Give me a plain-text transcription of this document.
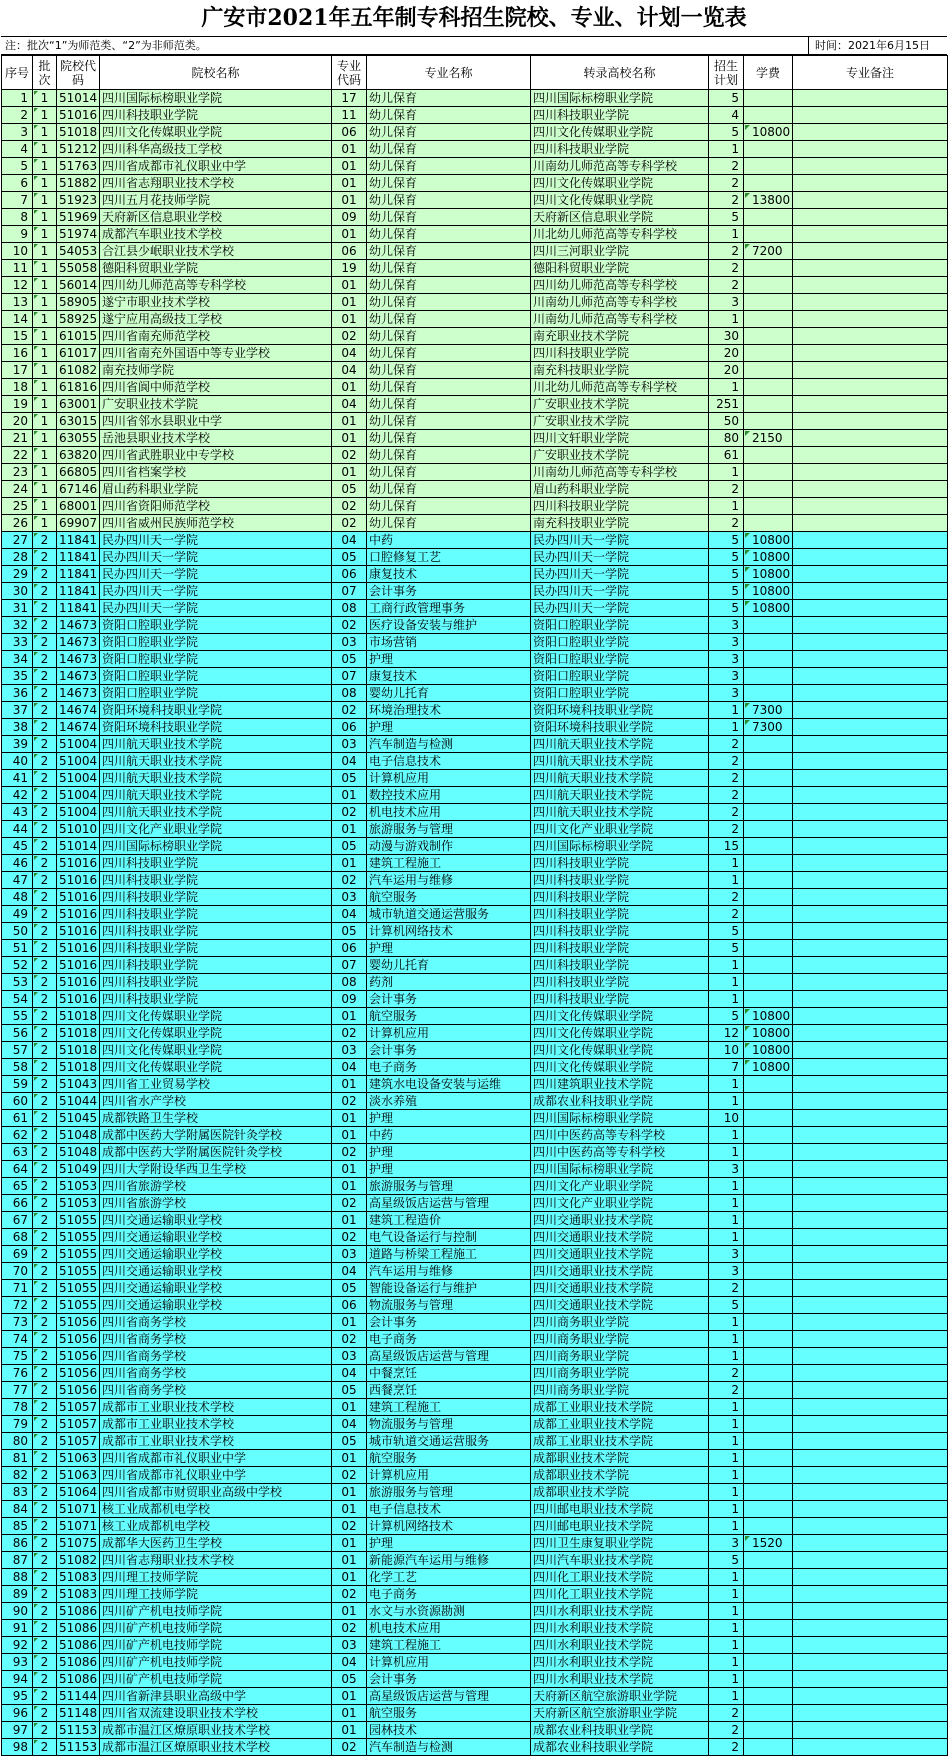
广安市2021年五年制专科招生院校、专业、计划一览表
注：批次“1”为师范类、“2”为非师范类。	时间：2021年6月15日
序号	批次	院校代码	院校名称	专业代码	专业名称	转录高校名称	招生计划	学费	专业备注
1	1	51014	四川国际标榜职业学院	17	幼儿保育	四川国际标榜职业学院	5		
2	1	51016	四川科技职业学院	11	幼儿保育	四川科技职业学院	4		
3	1	51018	四川文化传媒职业学院	06	幼儿保育	四川文化传媒职业学院	5	10800	
4	1	51212	四川科华高级技工学校	01	幼儿保育	四川科技职业学院	1		
5	1	51763	四川省成都市礼仪职业中学	01	幼儿保育	川南幼儿师范高等专科学校	2		
6	1	51882	四川省志翔职业技术学校	01	幼儿保育	四川文化传媒职业学院	2		
7	1	51923	四川五月花技师学院	01	幼儿保育	四川文化传媒职业学院	2	13800	
8	1	51969	天府新区信息职业学校	09	幼儿保育	天府新区信息职业学院	5		
9	1	51974	成都汽车职业技术学校	01	幼儿保育	川北幼儿师范高等专科学校	1		
10	1	54053	合江县少岷职业技术学校	06	幼儿保育	四川三河职业学院	2	7200	
11	1	55058	德阳科贸职业学院	19	幼儿保育	德阳科贸职业学院	2		
12	1	56014	四川幼儿师范高等专科学校	01	幼儿保育	四川幼儿师范高等专科学校	2		
13	1	58905	遂宁市职业技术学校	01	幼儿保育	川南幼儿师范高等专科学校	3		
14	1	58925	遂宁应用高级技工学校	01	幼儿保育	川南幼儿师范高等专科学校	1		
15	1	61015	四川省南充师范学校	02	幼儿保育	南充职业技术学院	30		
16	1	61017	四川省南充外国语中等专业学校	04	幼儿保育	四川科技职业学院	20		
17	1	61082	南充技师学院	04	幼儿保育	南充科技职业学院	20		
18	1	61816	四川省阆中师范学校	01	幼儿保育	川北幼儿师范高等专科学校	1		
19	1	63001	广安职业技术学院	04	幼儿保育	广安职业技术学院	251		
20	1	63015	四川省邻水县职业中学	01	幼儿保育	广安职业技术学院	50		
21	1	63055	岳池县职业技术学校	01	幼儿保育	四川文轩职业学院	80	2150	
22	1	63820	四川省武胜职业中专学校	02	幼儿保育	广安职业技术学院	61		
23	1	66805	四川省档案学校	01	幼儿保育	川南幼儿师范高等专科学校	1		
24	1	67146	眉山药科职业学院	05	幼儿保育	眉山药科职业学院	2		
25	1	68001	四川省资阳师范学校	02	幼儿保育	四川科技职业学院	1		
26	1	69907	四川省威州民族师范学校	02	幼儿保育	南充科技职业学院	2		
27	2	11841	民办四川天一学院	04	中药	民办四川天一学院	5	10800	
28	2	11841	民办四川天一学院	05	口腔修复工艺	民办四川天一学院	5	10800	
29	2	11841	民办四川天一学院	06	康复技术	民办四川天一学院	5	10800	
30	2	11841	民办四川天一学院	07	会计事务	民办四川天一学院	5	10800	
31	2	11841	民办四川天一学院	08	工商行政管理事务	民办四川天一学院	5	10800	
32	2	14673	资阳口腔职业学院	02	医疗设备安装与维护	资阳口腔职业学院	3		
33	2	14673	资阳口腔职业学院	03	市场营销	资阳口腔职业学院	3		
34	2	14673	资阳口腔职业学院	05	护理	资阳口腔职业学院	3		
35	2	14673	资阳口腔职业学院	07	康复技术	资阳口腔职业学院	3		
36	2	14673	资阳口腔职业学院	08	婴幼儿托育	资阳口腔职业学院	3		
37	2	14674	资阳环境科技职业学院	02	环境治理技术	资阳环境科技职业学院	1	7300	
38	2	14674	资阳环境科技职业学院	06	护理	资阳环境科技职业学院	1	7300	
39	2	51004	四川航天职业技术学院	03	汽车制造与检测	四川航天职业技术学院	2		
40	2	51004	四川航天职业技术学院	04	电子信息技术	四川航天职业技术学院	2		
41	2	51004	四川航天职业技术学院	05	计算机应用	四川航天职业技术学院	2		
42	2	51004	四川航天职业技术学院	01	数控技术应用	四川航天职业技术学院	2		
43	2	51004	四川航天职业技术学院	02	机电技术应用	四川航天职业技术学院	2		
44	2	51010	四川文化产业职业学院	01	旅游服务与管理	四川文化产业职业学院	2		
45	2	51014	四川国际标榜职业学院	05	动漫与游戏制作	四川国际标榜职业学院	15		
46	2	51016	四川科技职业学院	01	建筑工程施工	四川科技职业学院	1		
47	2	51016	四川科技职业学院	02	汽车运用与维修	四川科技职业学院	1		
48	2	51016	四川科技职业学院	03	航空服务	四川科技职业学院	2		
49	2	51016	四川科技职业学院	04	城市轨道交通运营服务	四川科技职业学院	2		
50	2	51016	四川科技职业学院	05	计算机网络技术	四川科技职业学院	5		
51	2	51016	四川科技职业学院	06	护理	四川科技职业学院	5		
52	2	51016	四川科技职业学院	07	婴幼儿托育	四川科技职业学院	1		
53	2	51016	四川科技职业学院	08	药剂	四川科技职业学院	1		
54	2	51016	四川科技职业学院	09	会计事务	四川科技职业学院	1		
55	2	51018	四川文化传媒职业学院	01	航空服务	四川文化传媒职业学院	5	10800	
56	2	51018	四川文化传媒职业学院	02	计算机应用	四川文化传媒职业学院	12	10800	
57	2	51018	四川文化传媒职业学院	03	会计事务	四川文化传媒职业学院	10	10800	
58	2	51018	四川文化传媒职业学院	04	电子商务	四川文化传媒职业学院	7	10800	
59	2	51043	四川省工业贸易学校	01	建筑水电设备安装与运维	四川建筑职业技术学院	1		
60	2	51044	四川省水产学校	02	淡水养殖	成都农业科技职业学院	1		
61	2	51045	成都铁路卫生学校	01	护理	四川国际标榜职业学院	10		
62	2	51048	成都中医药大学附属医院针灸学校	01	中药	四川中医药高等专科学校	1		
63	2	51048	成都中医药大学附属医院针灸学校	02	护理	四川中医药高等专科学校	1		
64	2	51049	四川大学附设华西卫生学校	01	护理	四川国际标榜职业学院	3		
65	2	51053	四川省旅游学校	01	旅游服务与管理	四川文化产业职业学院	1		
66	2	51053	四川省旅游学校	02	高星级饭店运营与管理	四川文化产业职业学院	1		
67	2	51055	四川交通运输职业学校	01	建筑工程造价	四川交通职业技术学院	1		
68	2	51055	四川交通运输职业学校	02	电气设备运行与控制	四川交通职业技术学院	1		
69	2	51055	四川交通运输职业学校	03	道路与桥梁工程施工	四川交通职业技术学院	3		
70	2	51055	四川交通运输职业学校	04	汽车运用与维修	四川交通职业技术学院	3		
71	2	51055	四川交通运输职业学校	05	智能设备运行与维护	四川交通职业技术学院	2		
72	2	51055	四川交通运输职业学校	06	物流服务与管理	四川交通职业技术学院	5		
73	2	51056	四川省商务学校	01	会计事务	四川商务职业学院	1		
74	2	51056	四川省商务学校	02	电子商务	四川商务职业学院	1		
75	2	51056	四川省商务学校	03	高星级饭店运营与管理	四川商务职业学院	1		
76	2	51056	四川省商务学校	04	中餐烹饪	四川商务职业学院	2		
77	2	51056	四川省商务学校	05	西餐烹饪	四川商务职业学院	2		
78	2	51057	成都市工业职业技术学校	01	建筑工程施工	成都工业职业技术学院	1		
79	2	51057	成都市工业职业技术学校	04	物流服务与管理	成都工业职业技术学院	1		
80	2	51057	成都市工业职业技术学校	05	城市轨道交通运营服务	成都工业职业技术学院	1		
81	2	51063	四川省成都市礼仪职业中学	01	航空服务	成都职业技术学院	1		
82	2	51063	四川省成都市礼仪职业中学	02	计算机应用	成都职业技术学院	1		
83	2	51064	四川省成都市财贸职业高级中学校	01	旅游服务与管理	成都职业技术学院	1		
84	2	51071	核工业成都机电学校	01	电子信息技术	四川邮电职业技术学院	1		
85	2	51071	核工业成都机电学校	02	计算机网络技术	四川邮电职业技术学院	1		
86	2	51075	成都华大医药卫生学校	01	护理	四川卫生康复职业学院	3	1520	
87	2	51082	四川省志翔职业技术学校	01	新能源汽车运用与维修	四川汽车职业技术学院	5		
88	2	51083	四川理工技师学院	01	化学工艺	四川化工职业技术学院	1		
89	2	51083	四川理工技师学院	02	电子商务	四川化工职业技术学院	1		
90	2	51086	四川矿产机电技师学院	01	水文与水资源勘测	四川水利职业技术学院	1		
91	2	51086	四川矿产机电技师学院	02	机电技术应用	四川水利职业技术学院	1		
92	2	51086	四川矿产机电技师学院	03	建筑工程施工	四川水利职业技术学院	1		
93	2	51086	四川矿产机电技师学院	04	计算机应用	四川水利职业技术学院	1		
94	2	51086	四川矿产机电技师学院	05	会计事务	四川水利职业技术学院	1		
95	2	51144	四川省新津县职业高级中学	01	高星级饭店运营与管理	天府新区航空旅游职业学院	1		
96	2	51148	四川省双流建设职业技术学校	01	航空服务	天府新区航空旅游职业学院	2		
97	2	51153	成都市温江区燎原职业技术学校	01	园林技术	成都农业科技职业学院	2		
98	2	51153	成都市温江区燎原职业技术学校	02	汽车制造与检测	成都农业科技职业学院	2		
